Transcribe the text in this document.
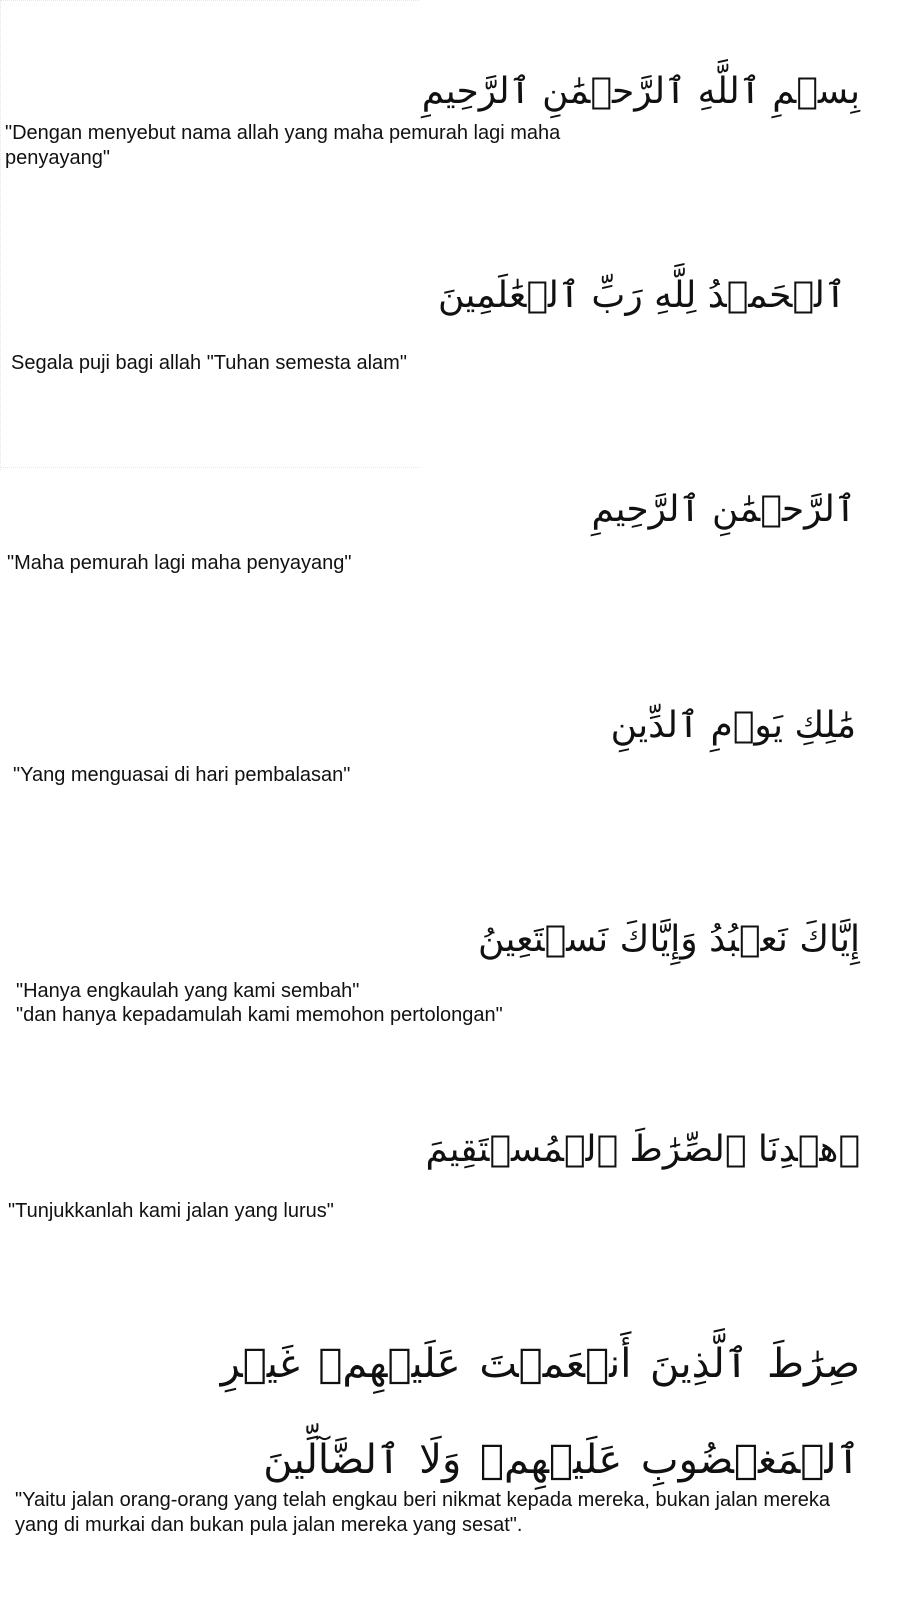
بِسۡمِ ٱللَّهِ ٱلرَّحۡمَٰنِ ٱلرَّحِيمِ
"Dengan menyebut nama allah yang maha pemurah lagi maha penyayang"
ٱلۡحَمۡدُ لِلَّهِ رَبِّ ٱلۡعَٰلَمِينَ
Segala puji bagi allah "Tuhan semesta alam"
ٱلرَّحۡمَٰنِ ٱلرَّحِيمِ
"Maha pemurah lagi maha penyayang"
مَٰلِكِ يَوۡمِ ٱلدِّينِ
"Yang menguasai di hari pembalasan"
إِيَّاكَ نَعۡبُدُ وَإِيَّاكَ نَسۡتَعِينُ
"Hanya engkaulah yang kami sembah"
"dan hanya kepadamulah kami memohon pertolongan"
ٱهۡدِنَا ٱلصِّرَٰطَ ٱلۡمُسۡتَقِيمَ
"Tunjukkanlah kami jalan yang lurus"
صِرَٰطَ ٱلَّذِينَ أَنۡعَمۡتَ عَلَيۡهِمۡ غَيۡرِ ٱلۡمَغۡضُوبِ عَلَيۡهِمۡ وَلَا ٱلضَّآلِّينَ
"Yaitu jalan orang-orang yang telah engkau beri nikmat kepada mereka, bukan jalan mereka yang di murkai dan bukan pula jalan mereka yang sesat".
